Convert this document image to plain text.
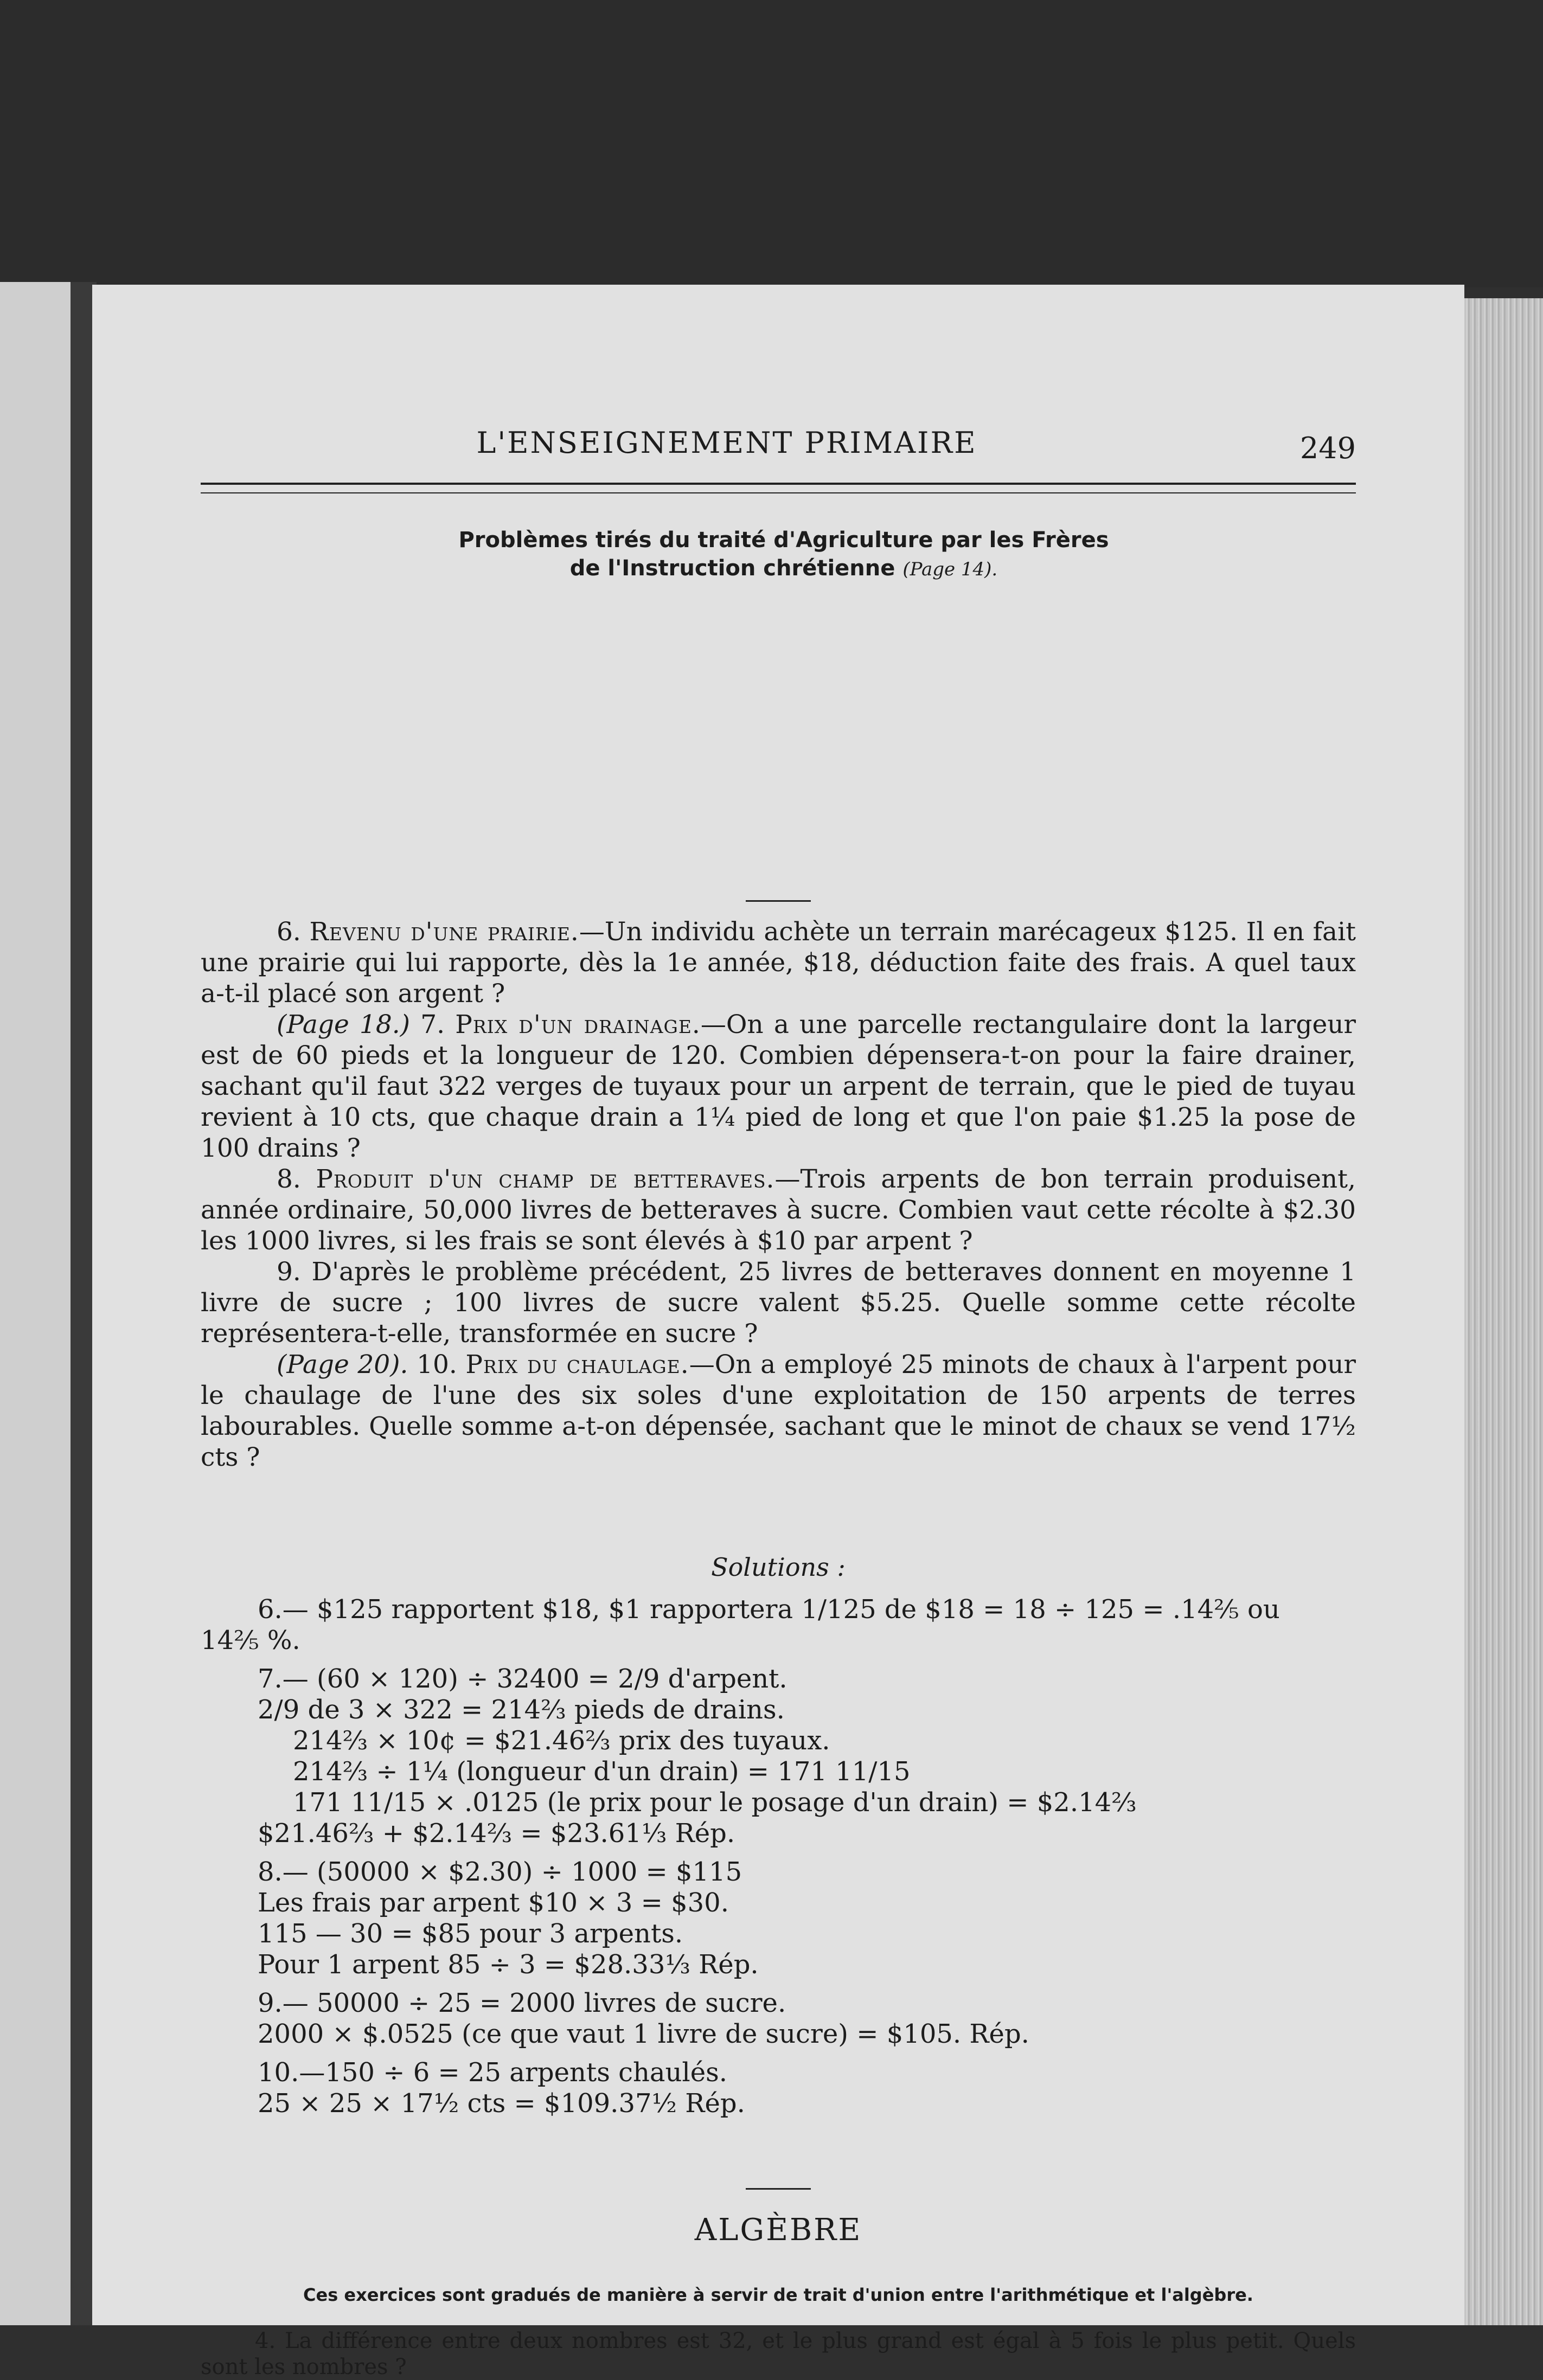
L'ENSEIGNEMENT PRIMAIRE	249
Problèmes tirés du traité d'Agriculture par les Frères
de l'Instruction chrétienne (Page 14).

6. Revenu d'une prairie.—Un individu achète un terrain marécageux $125. Il en fait une prairie qui lui rapporte, dès la 1e année, $18, déduction faite des frais. A quel taux a-t-il placé son argent ?

(Page 18.) 7. Prix d'un drainage.—On a une parcelle rectangulaire dont la largeur est de 60 pieds et la longueur de 120. Combien dépensera-t-on pour la faire drainer, sachant qu'il faut 322 verges de tuyaux pour un arpent de terrain, que le pied de tuyau revient à 10 cts, que chaque drain a 1¼ pied de long et que l'on paie $1.25 la pose de 100 drains ?

8. Produit d'un champ de betteraves.—Trois arpents de bon terrain produisent, année ordinaire, 50,000 livres de betteraves à sucre. Combien vaut cette récolte à $2.30 les 1000 livres, si les frais se sont élevés à $10 par arpent ?

9. D'après le problème précédent, 25 livres de betteraves donnent en moyenne 1 livre de sucre ; 100 livres de sucre valent $5.25. Quelle somme cette récolte représentera-t-elle, transformée en sucre ?

(Page 20). 10. Prix du chaulage.—On a employé 25 minots de chaux à l'arpent pour le chaulage de l'une des six soles d'une exploitation de 150 arpents de terres labourables. Quelle somme a-t-on dépensée, sachant que le minot de chaux se vend 17½ cts ?

Solutions :
6.— $125 rapportent $18, $1 rapportera 1/125 de $18 = 18 ÷ 125 = .14⅖ ou
14⅖ %.
7.— (60 × 120) ÷ 32400 = 2/9 d'arpent.
2/9 de 3 × 322 = 214⅔ pieds de drains.
214⅔ × 10¢ = $21.46⅔ prix des tuyaux.
214⅔ ÷ 1¼ (longueur d'un drain) = 171 11/15
171 11/15 × .0125 (le prix pour le posage d'un drain) = $2.14⅔
$21.46⅔ + $2.14⅔ = $23.61⅓ Rép.
8.— (50000 × $2.30) ÷ 1000 = $115
Les frais par arpent $10 × 3 = $30.
115 — 30 = $85 pour 3 arpents.
Pour 1 arpent 85 ÷ 3 = $28.33⅓ Rép.
9.— 50000 ÷ 25 = 2000 livres de sucre.
2000 × $.0525 (ce que vaut 1 livre de sucre) = $105. Rép.
10.—150 ÷ 6 = 25 arpents chaulés.
25 × 25 × 17½ cts = $109.37½ Rép.
ALGÈBRE
Ces exercices sont gradués de manière à servir de trait d'union entre l'arithmétique et l'algèbre.

4. La différence entre deux nombres est 32, et le plus grand est égal à 5 fois le plus petit. Quels sont les nombres ?
